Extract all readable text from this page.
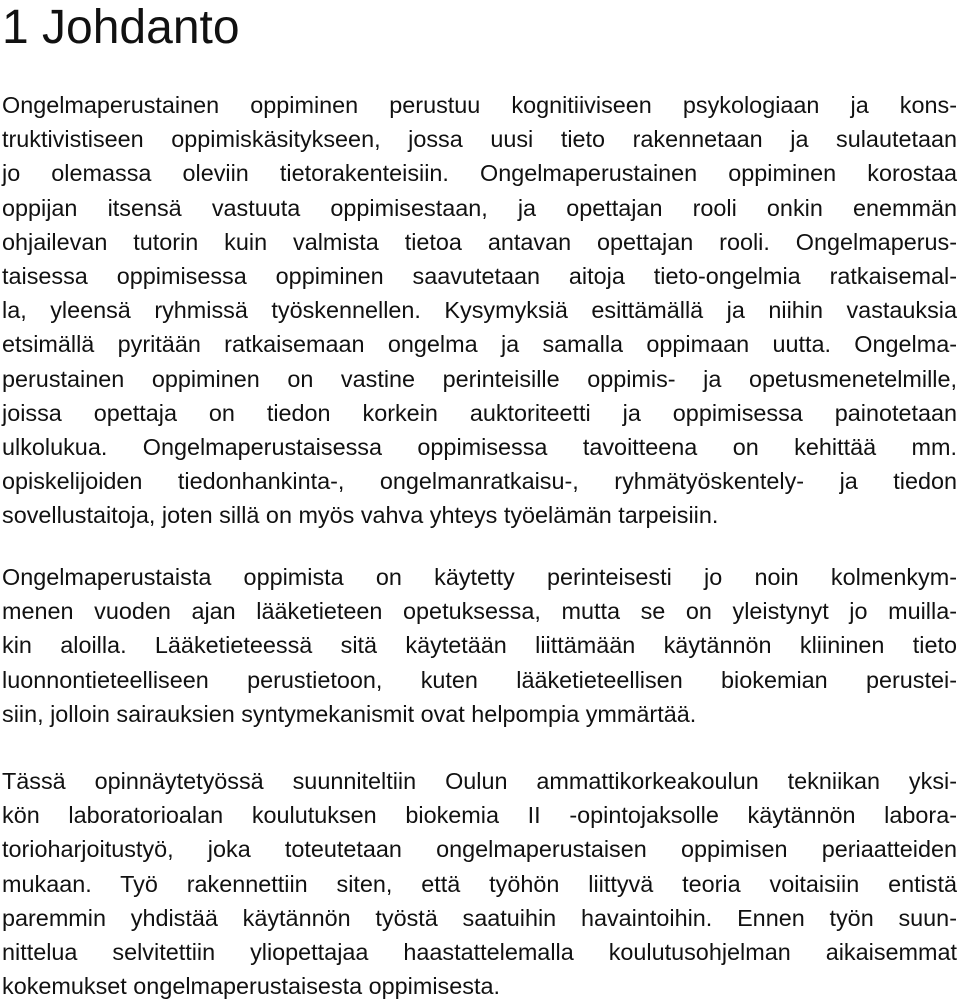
1 Johdanto
Ongelmaperustainen oppiminen perustuu kognitiiviseen psykologiaan ja kons-
truktivistiseen oppimiskäsitykseen, jossa uusi tieto rakennetaan ja sulautetaan
jo olemassa oleviin tietorakenteisiin. Ongelmaperustainen oppiminen korostaa
oppijan itsensä vastuuta oppimisestaan, ja opettajan rooli onkin enemmän
ohjailevan tutorin kuin valmista tietoa antavan opettajan rooli. Ongelmaperus-
taisessa oppimisessa oppiminen saavutetaan aitoja tieto-ongelmia ratkaisemal-
la, yleensä ryhmissä työskennellen. Kysymyksiä esittämällä ja niihin vastauksia
etsimällä pyritään ratkaisemaan ongelma ja samalla oppimaan uutta. Ongelma-
perustainen oppiminen on vastine perinteisille oppimis- ja opetusmenetelmille,
joissa opettaja on tiedon korkein auktoriteetti ja oppimisessa painotetaan
ulkolukua. Ongelmaperustaisessa oppimisessa tavoitteena on kehittää mm.
opiskelijoiden tiedonhankinta-, ongelmanratkaisu-, ryhmätyöskentely- ja tiedon
sovellustaitoja, joten sillä on myös vahva yhteys työelämän tarpeisiin.
Ongelmaperustaista oppimista on käytetty perinteisesti jo noin kolmenkym-
menen vuoden ajan lääketieteen opetuksessa, mutta se on yleistynyt jo muilla-
kin aloilla. Lääketieteessä sitä käytetään liittämään käytännön kliininen tieto
luonnontieteelliseen perustietoon, kuten lääketieteellisen biokemian perustei-
siin, jolloin sairauksien syntymekanismit ovat helpompia ymmärtää.
Tässä opinnäytetyössä suunniteltiin Oulun ammattikorkeakoulun tekniikan yksi-
kön laboratorioalan koulutuksen biokemia II -opintojaksolle käytännön labora-
torioharjoitustyö, joka toteutetaan ongelmaperustaisen oppimisen periaatteiden
mukaan. Työ rakennettiin siten, että työhön liittyvä teoria voitaisiin entistä
paremmin yhdistää käytännön työstä saatuihin havaintoihin. Ennen työn suun-
nittelua selvitettiin yliopettajaa haastattelemalla koulutusohjelman aikaisemmat
kokemukset ongelmaperustaisesta oppimisesta.
